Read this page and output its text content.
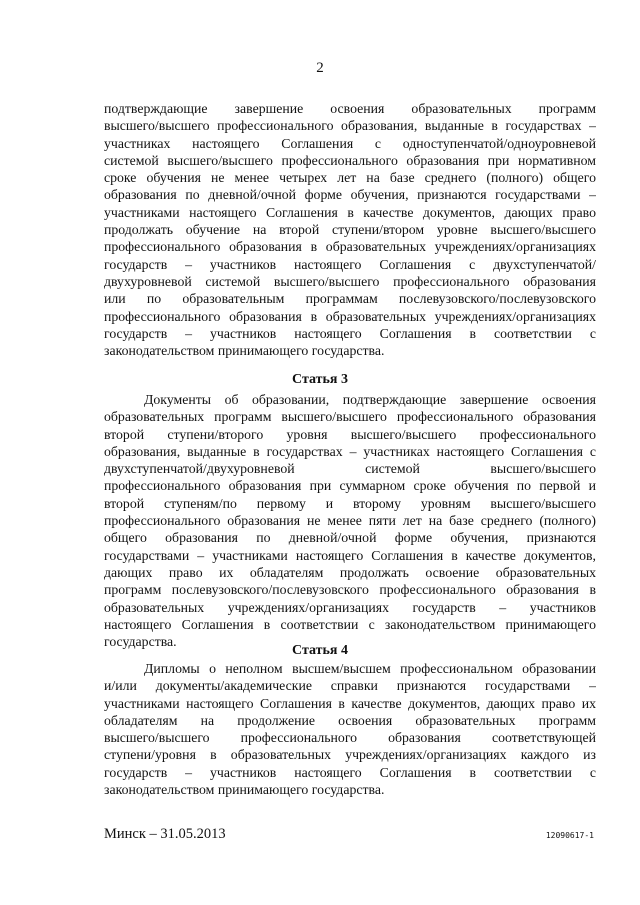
2
подтверждающие завершение освоения образовательных программ
высшего/высшего профессионального образования, выданные в государствах –
участниках настоящего Соглашения с одноступенчатой/одноуровневой
системой высшего/высшего профессионального образования при нормативном
сроке обучения не менее четырех лет на базе среднего (полного) общего
образования по дневной/очной форме обучения, признаются государствами –
участниками настоящего Соглашения в качестве документов, дающих право
продолжать обучение на второй ступени/втором уровне высшего/высшего
профессионального образования в образовательных учреждениях/организациях
государств – участников настоящего Соглашения с двухступенчатой/
двухуровневой системой высшего/высшего профессионального образования
или по образовательным программам послевузовского/послевузовского
профессионального образования в образовательных учреждениях/организациях
государств – участников настоящего Соглашения в соответствии с
законодательством принимающего государства.
Статья 3
Документы об образовании, подтверждающие завершение освоения
образовательных программ высшего/высшего профессионального образования
второй ступени/второго уровня высшего/высшего профессионального
образования, выданные в государствах – участниках настоящего Соглашения с
двухступенчатой/двухуровневой системой высшего/высшего
профессионального образования при суммарном сроке обучения по первой и
второй ступеням/по первому и второму уровням высшего/высшего
профессионального образования не менее пяти лет на базе среднего (полного)
общего образования по дневной/очной форме обучения, признаются
государствами – участниками настоящего Соглашения в качестве документов,
дающих право их обладателям продолжать освоение образовательных
программ послевузовского/послевузовского профессионального образования в
образовательных учреждениях/организациях государств – участников
настоящего Соглашения в соответствии с законодательством принимающего
государства.
Статья 4
Дипломы о неполном высшем/высшем профессиональном образовании
и/или документы/академические справки признаются государствами –
участниками настоящего Соглашения в качестве документов, дающих право их
обладателям на продолжение освоения образовательных программ
высшего/высшего профессионального образования соответствующей
ступени/уровня в образовательных учреждениях/организациях каждого из
государств – участников настоящего Соглашения в соответствии с
законодательством принимающего государства.
Минск – 31.05.2013	12090617-1
